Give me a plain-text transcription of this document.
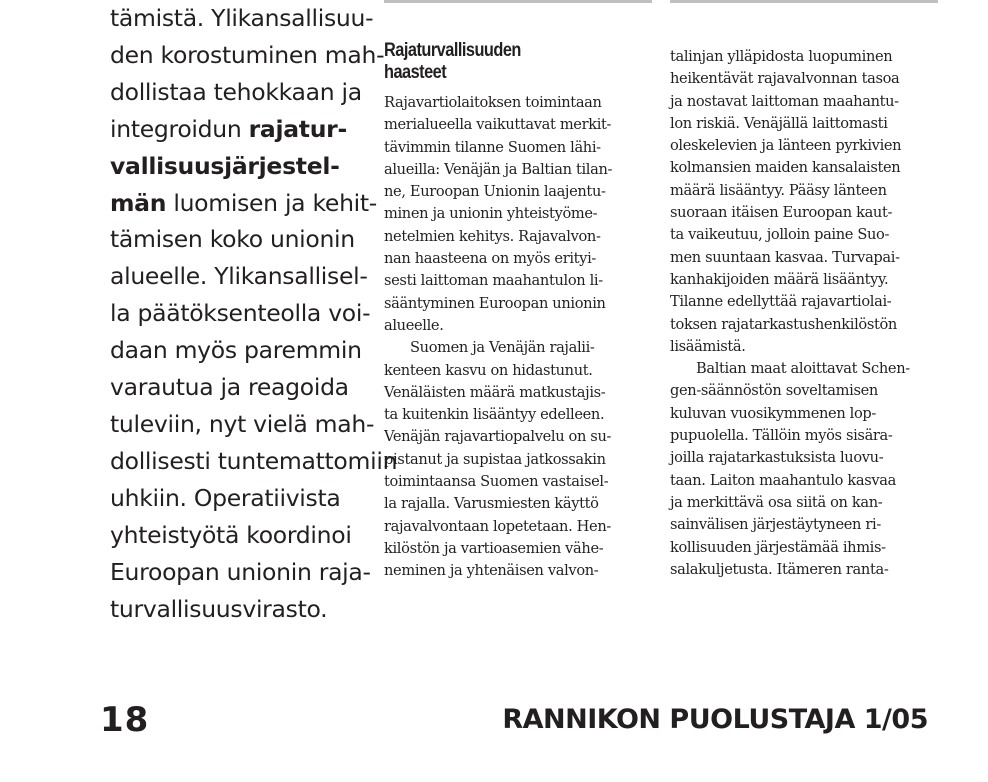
tämistä. Ylikansallisuu-
den korostuminen mah-
dollistaa tehokkaan ja
integroidun rajatur-
vallisuusjärjestel-
män luomisen ja kehit-
tämisen koko unionin
alueelle. Ylikansallisel-
la päätöksenteolla voi-
daan myös paremmin
varautua ja reagoida
tuleviin, nyt vielä mah-
dollisesti tuntemattomiin
uhkiin. Operatiivista
yhteistyötä koordinoi
Euroopan unionin raja-
turvallisuusvirasto.
Rajaturvallisuuden
haasteet
Rajavartiolaitoksen toimintaan
merialueella vaikuttavat merkit-
tävimmin tilanne Suomen lähi-
alueilla: Venäjän ja Baltian tilan-
ne, Euroopan Unionin laajentu-
minen ja unionin yhteistyöme-
netelmien kehitys. Rajavalvon-
nan haasteena on myös erityi-
sesti laittoman maahantulon li-
sääntyminen Euroopan unionin
alueelle.
Suomen ja Venäjän rajalii-
kenteen kasvu on hidastunut.
Venäläisten määrä matkustajis-
ta kuitenkin lisääntyy edelleen.
Venäjän rajavartiopalvelu on su-
pistanut ja supistaa jatkossakin
toimintaansa Suomen vastaisel-
la rajalla. Varusmiesten käyttö
rajavalvontaan lopetetaan. Hen-
kilöstön ja vartioasemien vähe-
neminen ja yhtenäisen valvon-
talinjan ylläpidosta luopuminen
heikentävät rajavalvonnan tasoa
ja nostavat laittoman maahantu-
lon riskiä. Venäjällä laittomasti
oleskelevien ja länteen pyrkivien
kolmansien maiden kansalaisten
määrä lisääntyy. Pääsy länteen
suoraan itäisen Euroopan kaut-
ta vaikeutuu, jolloin paine Suo-
men suuntaan kasvaa. Turvapai-
kanhakijoiden määrä lisääntyy.
Tilanne edellyttää rajavartiolai-
toksen rajatarkastushenkilöstön
lisäämistä.
Baltian maat aloittavat Schen-
gen-säännöstön soveltamisen
kuluvan vuosikymmenen lop-
pupuolella. Tällöin myös sisära-
joilla rajatarkastuksista luovu-
taan. Laiton maahantulo kasvaa
ja merkittävä osa siitä on kan-
sainvälisen järjestäytyneen ri-
kollisuuden järjestämää ihmis-
salakuljetusta. Itämeren ranta-
18	RANNIKON PUOLUSTAJA 1/05
